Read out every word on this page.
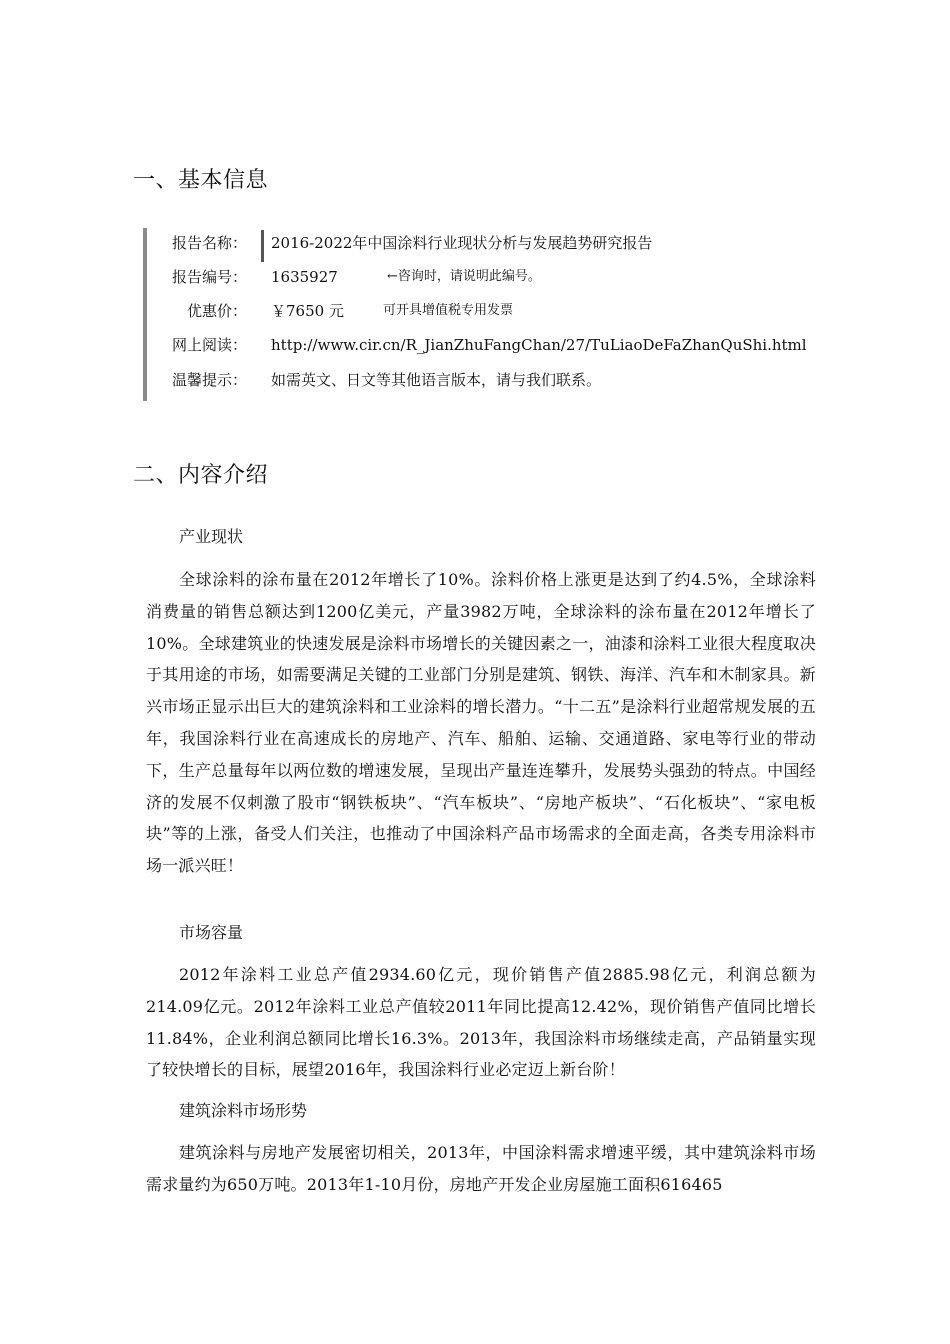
一、基本信息
报告名称： 2016-2022年中国涂料行业现状分析与发展趋势研究报告
报告编号： 1635927	←咨询时，请说明此编号。
优惠价： ￥7650 元	可开具增值税专用发票
网上阅读： http://www.cir.cn/R_JianZhuFangChan/27/TuLiaoDeFaZhanQuShi.html
温馨提示： 如需英文、日文等其他语言版本，请与我们联系。
二、内容介绍
产业现状

全球涂料的涂布量在2012年增长了10%。涂料价格上涨更是达到了约4.5%，全球涂料消费量的销售总额达到1200亿美元，产量3982万吨，全球涂料的涂布量在2012年增长了10%。全球建筑业的快速发展是涂料市场增长的关键因素之一，油漆和涂料工业很大程度取决于其用途的市场，如需要满足关键的工业部门分别是建筑、钢铁、海洋、汽车和木制家具。新兴市场正显示出巨大的建筑涂料和工业涂料的增长潜力。“十二五”是涂料行业超常规发展的五年，我国涂料行业在高速成长的房地产、汽车、船舶、运输、交通道路、家电等行业的带动下，生产总量每年以两位数的增速发展，呈现出产量连连攀升，发展势头强劲的特点。中国经济的发展不仅刺激了股市“钢铁板块”、“汽车板块”、“房地产板块”、“石化板块”、“家电板块”等的上涨，备受人们关注，也推动了中国涂料产品市场需求的全面走高，各类专用涂料市场一派兴旺！

市场容量

2012年涂料工业总产值2934.60亿元，现价销售产值2885.98亿元，利润总额为214.09亿元。2012年涂料工业总产值较2011年同比提高12.42%，现价销售产值同比增长11.84%，企业利润总额同比增长16.3%。2013年，我国涂料市场继续走高，产品销量实现了较快增长的目标，展望2016年，我国涂料行业必定迈上新台阶！

建筑涂料市场形势

建筑涂料与房地产发展密切相关，2013年，中国涂料需求增速平缓，其中建筑涂料市场需求量约为650万吨。2013年1-10月份，房地产开发企业房屋施工面积616465
